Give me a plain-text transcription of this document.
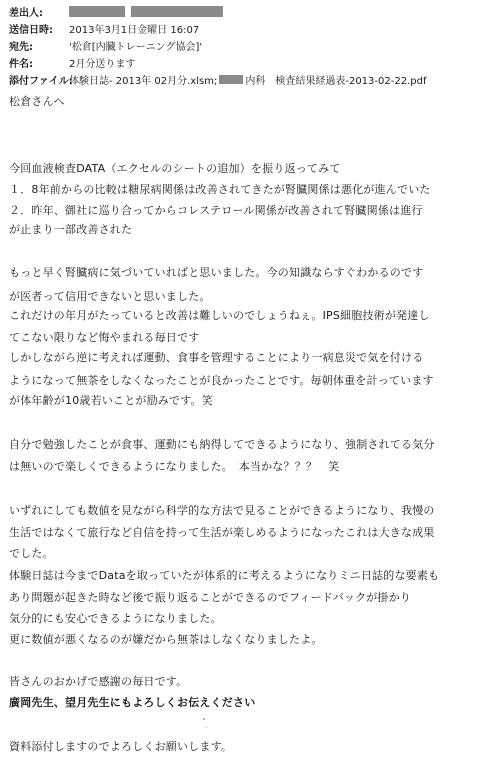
差出人:
送信日時:	2013年3月1日金曜日 16:07
宛先:	'松倉[内臓トレーニング協会]'
件名:	2月分送ります
添付ファイル:
体験日誌- 2013年 02月分.xlsm;	内科　検査結果経過表-2013-02-22.pdf
松倉さんへ
今回血液検査DATA（エクセルのシートの追加）を振り返ってみて
１．8年前からの比較は糖尿病関係は改善されてきたが腎臓関係は悪化が進んでいた
２．昨年、御社に巡り合ってからコレステロール関係が改善されて腎臓関係は進行
が止まり一部改善された
もっと早く腎臓病に気づいていればと思いました。今の知識ならすぐわかるのです
が医者って信用できないと思いました。
これだけの年月がたっていると改善は難しいのでしょうねぇ。IPS細胞技術が発達し
てこない限りなど悔やまれる毎日です
しかしながら逆に考えれば運動、食事を管理することにより一病息災で気を付ける
ようになって無茶をしなくなったことが良かったことです。毎朝体重を計っています
が体年齢が10歳若いことが励みです。笑
自分で勉強したことが食事、運動にも納得してできるようになり、強制されてる気分
は無いので楽しくできるようになりました。　本当かな？？？　笑
いずれにしても数値を見ながら科学的な方法で見ることができるようになり、我慢の
生活ではなくて旅行など自信を持って生活が楽しめるようになったこれは大きな成果
でした。
体験日誌は今までDataを取っていたが体系的に考えるようになりミニ日誌的な要素も
あり問題が起きた時など後で振り返ることができるのでフィードバックが掛かり
気分的にも安心できるようになりました。
更に数値が悪くなるのが嫌だから無茶はしなくなりましたよ。
皆さんのおかげで感謝の毎日です。
廣岡先生、望月先生にもよろしくお伝えください
資料添付しますのでよろしくお願いします。
